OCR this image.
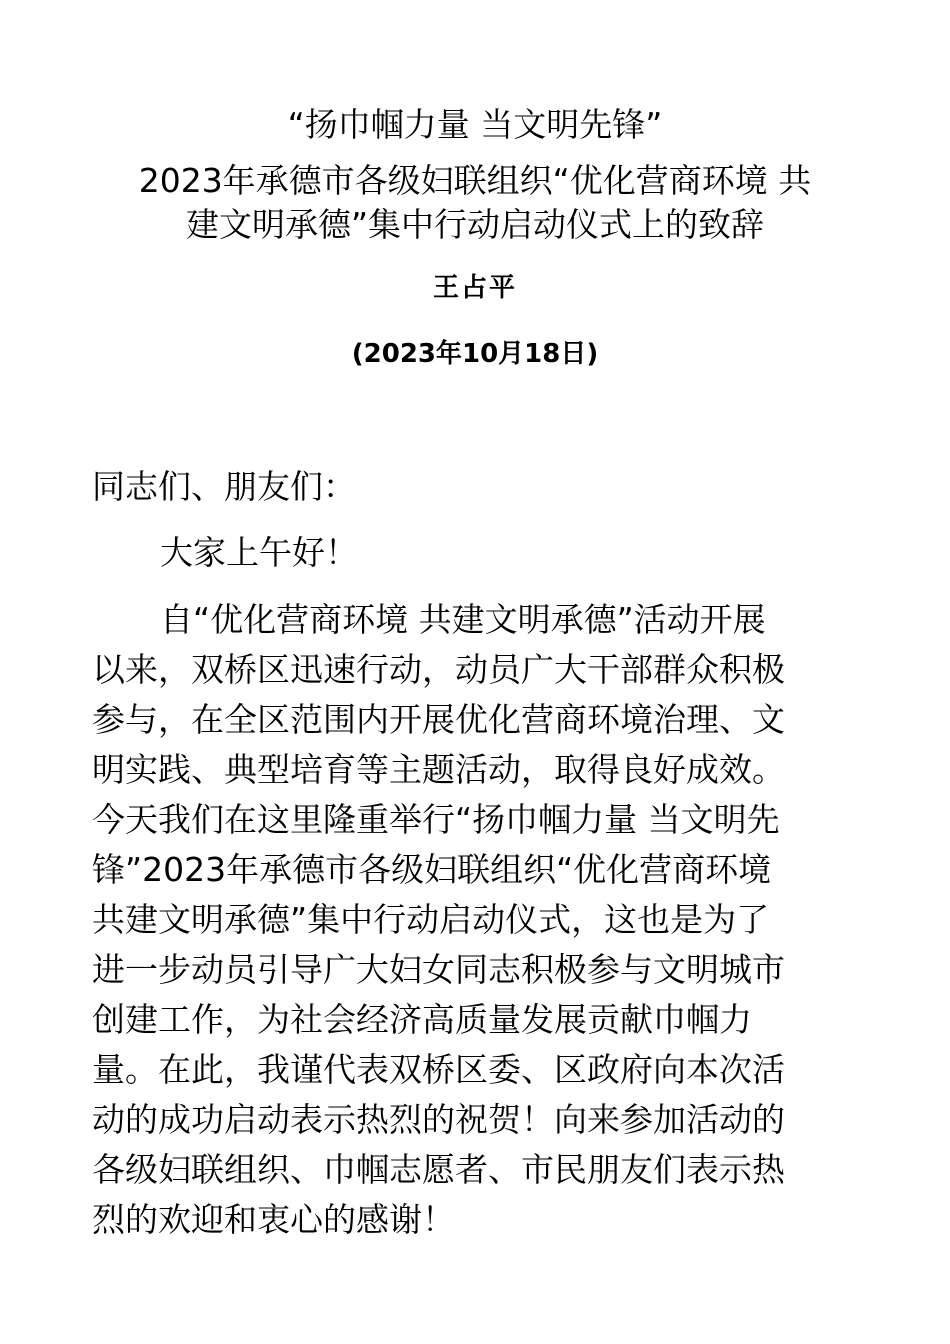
“扬巾帼力量 当文明先锋”
2023年承德市各级妇联组织“优化营商环境 共
建文明承德”集中行动启动仪式上的致辞
王占平
(2023年10月18日)
同志们、朋友们：
大家上午好！
自“优化营商环境 共建文明承德”活动开展
以来，双桥区迅速行动，动员广大干部群众积极
参与，在全区范围内开展优化营商环境治理、文
明实践、典型培育等主题活动，取得良好成效。
今天我们在这里隆重举行“扬巾帼力量 当文明先
锋”2023年承德市各级妇联组织“优化营商环境
共建文明承德”集中行动启动仪式，这也是为了
进一步动员引导广大妇女同志积极参与文明城市
创建工作，为社会经济高质量发展贡献巾帼力
量。在此，我谨代表双桥区委、区政府向本次活
动的成功启动表示热烈的祝贺！向来参加活动的
各级妇联组织、巾帼志愿者、市民朋友们表示热
烈的欢迎和衷心的感谢！
